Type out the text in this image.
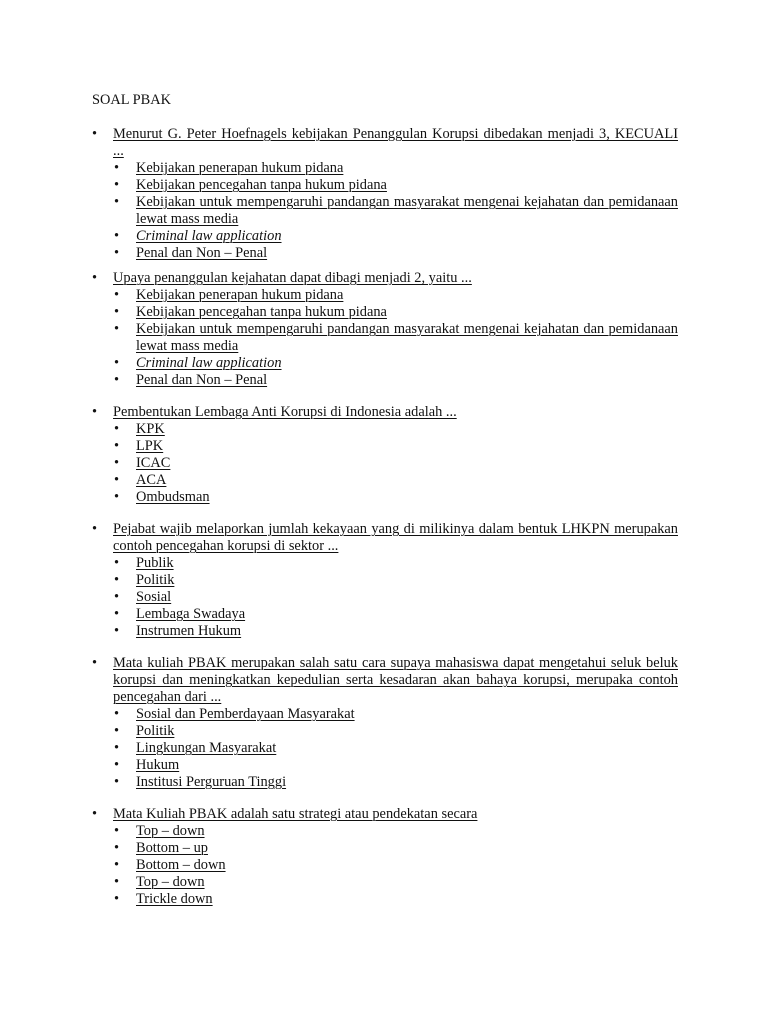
SOAL PBAK
•	Menurut G. Peter Hoefnagels kebijakan Penanggulan Korupsi dibedakan menjadi 3, KECUALI ...
•	Kebijakan penerapan hukum pidana
•	Kebijakan pencegahan tanpa hukum pidana
•	Kebijakan untuk mempengaruhi pandangan masyarakat mengenai kejahatan dan pemidanaan lewat mass media
•	Criminal law application
•	Penal dan Non – Penal
•	Upaya penanggulan kejahatan dapat dibagi menjadi 2, yaitu ...
•	Kebijakan penerapan hukum pidana
•	Kebijakan pencegahan tanpa hukum pidana
•	Kebijakan untuk mempengaruhi pandangan masyarakat mengenai kejahatan dan pemidanaan lewat mass media
•	Criminal law application
•	Penal dan Non – Penal
•	Pembentukan Lembaga Anti Korupsi di Indonesia adalah ...
•	KPK
•	LPK
•	ICAC
•	ACA
•	Ombudsman
•	Pejabat wajib melaporkan jumlah kekayaan yang di milikinya dalam bentuk LHKPN merupakan contoh pencegahan korupsi di sektor ...
•	Publik
•	Politik
•	Sosial
•	Lembaga Swadaya
•	Instrumen Hukum
•	Mata kuliah PBAK merupakan salah satu cara supaya mahasiswa dapat mengetahui seluk beluk korupsi dan meningkatkan kepedulian serta kesadaran akan bahaya korupsi, merupaka contoh pencegahan dari ...
•	Sosial dan Pemberdayaan Masyarakat
•	Politik
•	Lingkungan Masyarakat
•	Hukum
•	Institusi Perguruan Tinggi
•	Mata Kuliah PBAK adalah satu strategi atau pendekatan secara
•	Top – down
•	Bottom – up
•	Bottom – down
•	Top – down
•	Trickle down
